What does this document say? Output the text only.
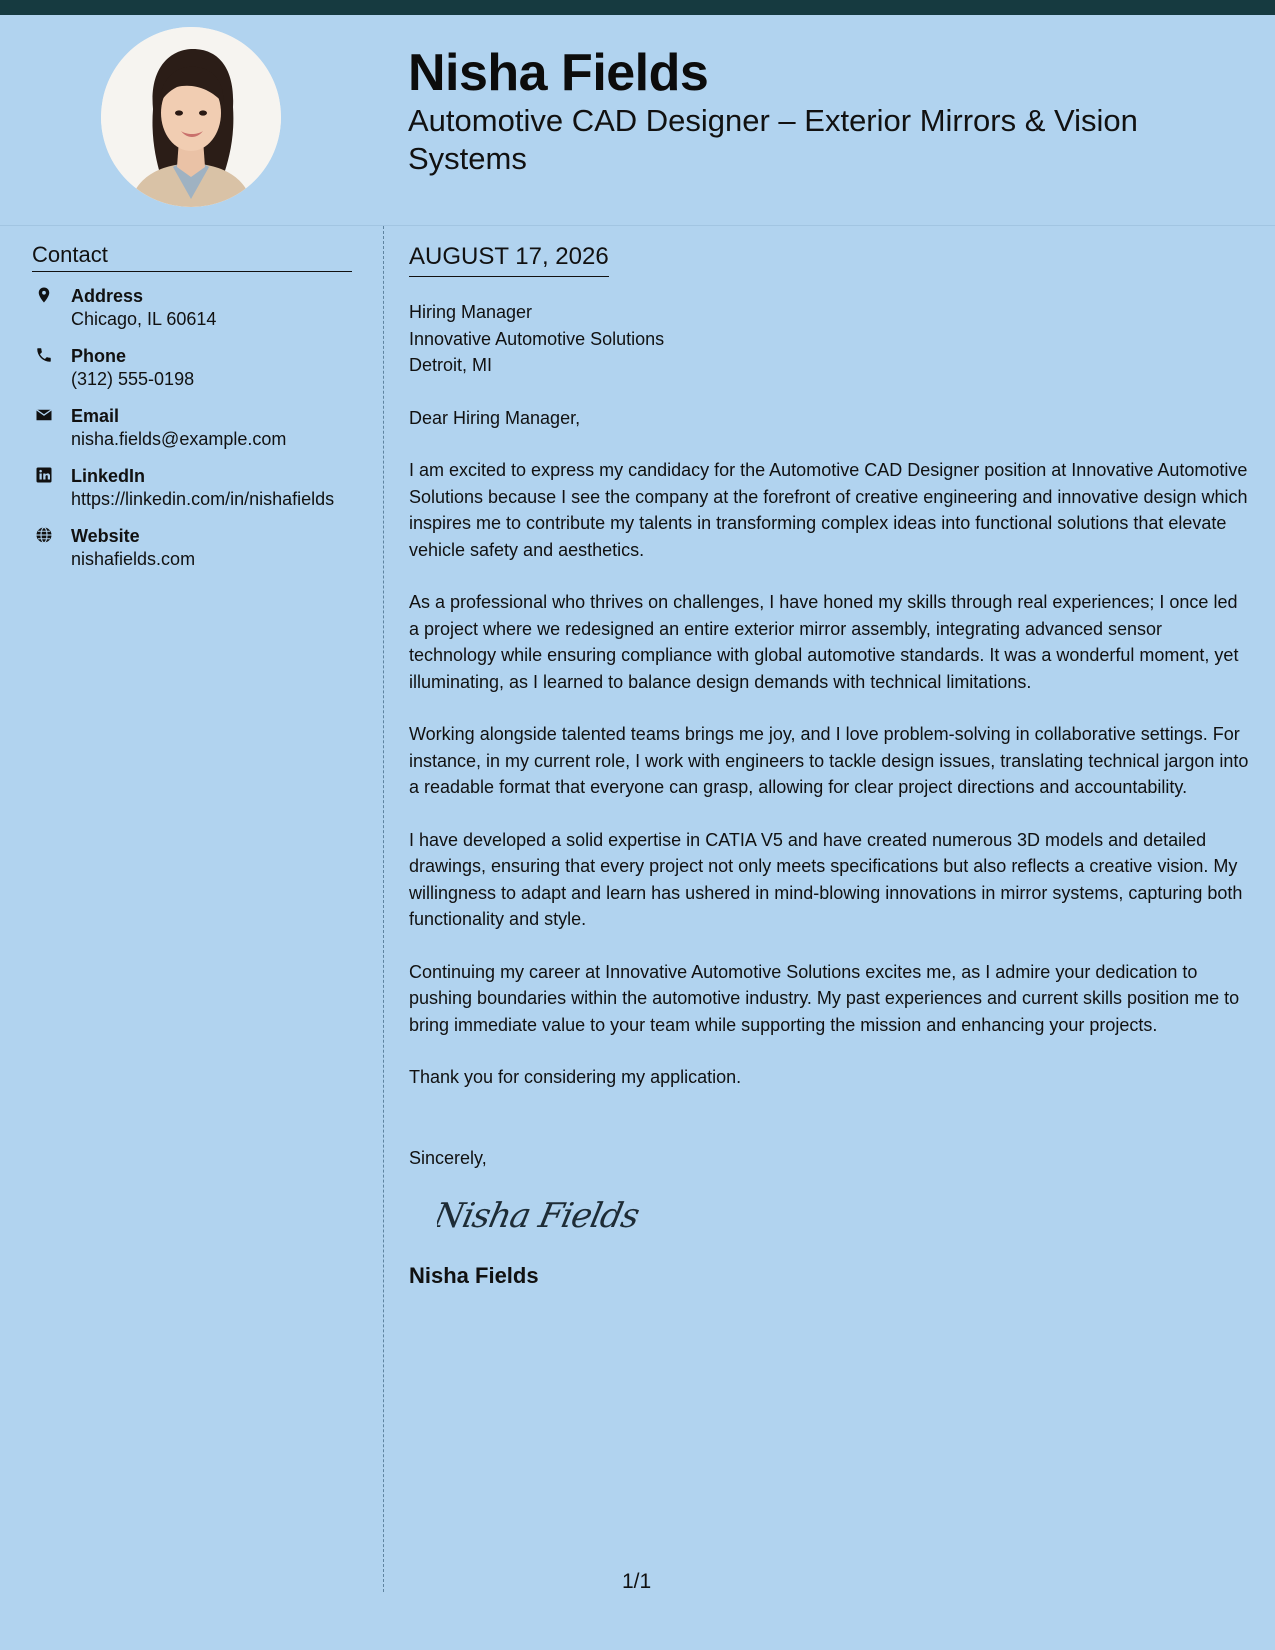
Nisha Fields
Automotive CAD Designer – Exterior Mirrors & Vision Systems
Contact
Address
Chicago, IL 60614
Phone
(312) 555-0198
Email
nisha.fields@example.com
LinkedIn
https://linkedin.com/in/nishafields
Website
nishafields.com
AUGUST 17, 2026

Hiring Manager

Innovative Automotive Solutions

Detroit, MI

Dear Hiring Manager,

I am excited to express my candidacy for the Automotive CAD Designer position at Innovative Automotive Solutions because I see the company at the forefront of creative engineering and innovative design which inspires me to contribute my talents in transforming complex ideas into functional solutions that elevate vehicle safety and aesthetics.

As a professional who thrives on challenges, I have honed my skills through real experiences; I once led a project where we redesigned an entire exterior mirror assembly, integrating advanced sensor technology while ensuring compliance with global automotive standards. It was a wonderful moment, yet illuminating, as I learned to balance design demands with technical limitations.

Working alongside talented teams brings me joy, and I love problem-solving in collaborative settings. For instance, in my current role, I work with engineers to tackle design issues, translating technical jargon into a readable format that everyone can grasp, allowing for clear project directions and accountability.

I have developed a solid expertise in CATIA V5 and have created numerous 3D models and detailed drawings, ensuring that every project not only meets specifications but also reflects a creative vision. My willingness to adapt and learn has ushered in mind-blowing innovations in mirror systems, capturing both functionality and style.

Continuing my career at Innovative Automotive Solutions excites me, as I admire your dedication to pushing boundaries within the automotive industry. My past experiences and current skills position me to bring immediate value to your team while supporting the mission and enhancing your projects.

Thank you for considering my application.

Sincerely,

Nisha Fields

Nisha Fields

1/1
